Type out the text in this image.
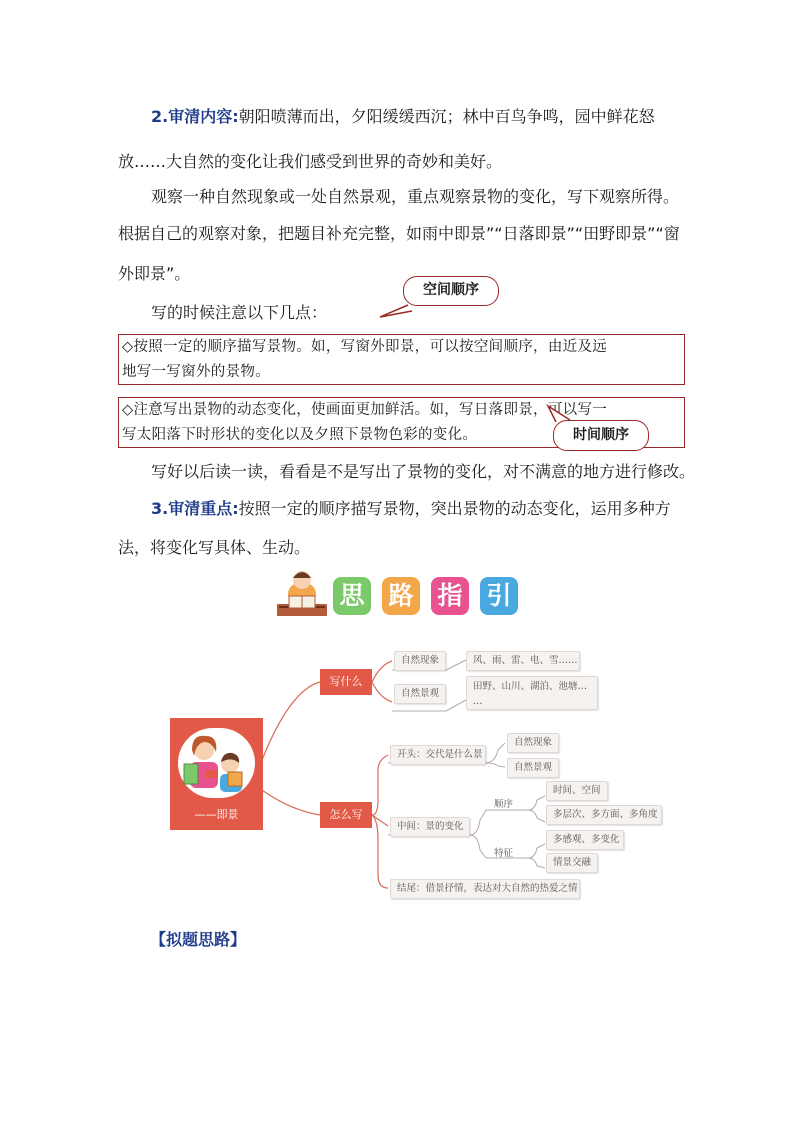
2.审清内容:朝阳喷薄而出，夕阳缓缓西沉；林中百鸟争鸣，园中鲜花怒
放……大自然的变化让我们感受到世界的奇妙和美好。
观察一种自然现象或一处自然景观，重点观察景物的变化，写下观察所得。
根据自己的观察对象，把题目补充完整，如雨中即景”“日落即景”“田野即景”“窗
外即景”。
写的时候注意以下几点：
空间顺序
◇按照一定的顺序描写景物。如，写窗外即景，可以按空间顺序，由近及远
地写一写窗外的景物。
◇注意写出景物的动态变化，使画面更加鲜活。如，写日落即景，可以写一
写太阳落下时形状的变化以及夕照下景物色彩的变化。	时间顺序
写好以后读一读，看看是不是写出了景物的变化，对不满意的地方进行修改。
3.审清重点:按照一定的顺序描写景物，突出景物的动态变化，运用多种方
法，将变化写具体、生动。
思 路 指 引
——即景
写什么
自然现象	风、雨、雷、电、雪……
自然景观
田野、山川、湖泊、池塘…
…
怎么写
开头：交代是什么景
自然现象
自然景观
中间：景的变化
顺序
时间、空间
多层次、多方面、多角度
特征
多感观、多变化
情景交融
结尾：借景抒情，表达对大自然的热爱之情
【拟题思路】
